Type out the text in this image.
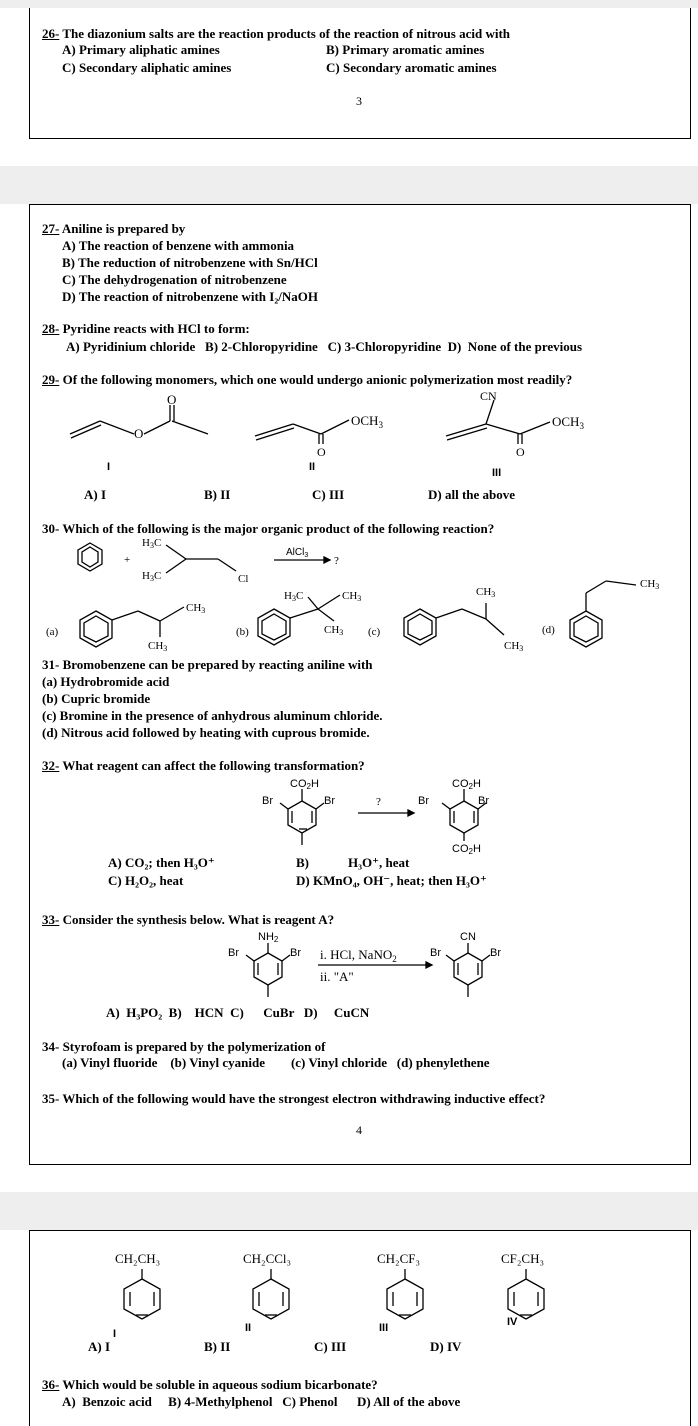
26- The diazonium salts are the reaction products of the reaction of nitrous acid with
A) Primary aliphatic amines	B) Primary aromatic amines
C) Secondary aliphatic amines	C) Secondary aromatic amines
3
27- Aniline is prepared by
A) The reaction of benzene with ammonia
B) The reduction of nitrobenzene with Sn/HCl
C) The dehydrogenation of nitrobenzene
D) The reaction of nitrobenzene with I₂/NaOH
28- Pyridine reacts with HCl to form:
A) Pyridinium chloride   B) 2-Chloropyridine   C) 3-Chloropyridine  D)  None of the previous
29- Of the following monomers, which one would undergo anionic polymerization most readily?
O
O
O
$OCH_3$
CN
O
$OCH_3$
I	II	III
A) I	B) II	C) III	D) all the above
30- Which of the following is the major organic product of the following reaction?
+
H3C
H3C	Cl
AlCl$_3$ ?
(a)
CH3
CH3
(b)
H3C	CH3
CH3 (c)
CH3
CH3
(d)
CH3
31- Bromobenzene can be prepared by reacting aniline with
(a) Hydrobromide acid
(b) Cupric bromide
(c) Bromine in the presence of anhydrous aluminum chloride.
(d) Nitrous acid followed by heating with cuprous bromide.
32- What reagent can affect the following transformation?
CO2H
Br	Br	?
CO2H
Br	Br
CO2H
A) CO₂; then H₃O⁺	B)	H₃O⁺, heat
C) H₂O₂, heat	D) KMnO₄, OH⁻, heat; then H₃O⁺
33- Consider the synthesis below. What is reagent A?
NH2
Br	Br i. HCl, NaNO$_2$
ii. "A"
CN
Br	Br
A)  H₃PO₂  B)    HCN  C)      CuBr   D)     CuCN
34- Styrofoam is prepared by the polymerization of
(a) Vinyl fluoride    (b) Vinyl cyanide        (c) Vinyl chloride   (d) phenylethene
35- Which of the following would have the strongest electron withdrawing inductive effect?
4
CH₂CH₃	CH₂CCl₃	CH₂CF₃	CF₂CH₃
I	II	III	IV
A) I	B) II	C) III	D) IV
36- Which would be soluble in aqueous sodium bicarbonate?
A)  Benzoic acid     B) 4-Methylphenol   C) Phenol      D) All of the above
